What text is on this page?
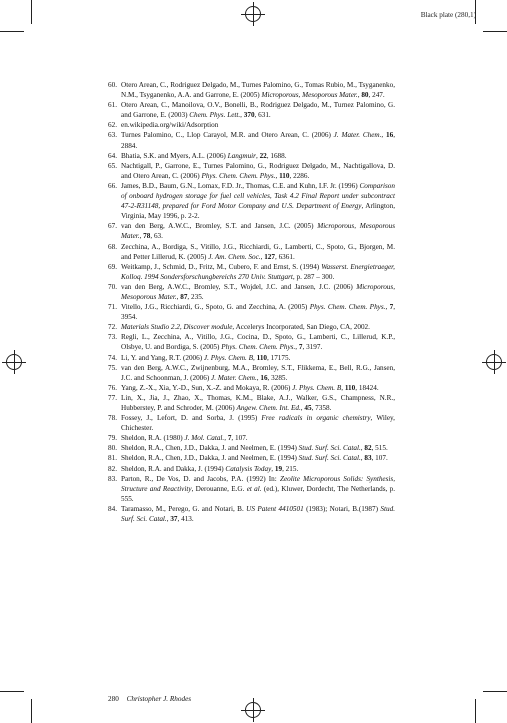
Black plate (280,1)
60. Otero Arean, C., Rodriguez Delgado, M., Turnes Palomino, G., Tomas Rubio, M., Tsyganenko, N.M., Tsyganenko, A.A. and Garrone, E. (2005) Microporous, Mesoporous Mater., 80, 247.
61. Otero Arean, C., Manoilova, O.V., Bonelli, B., Rodriguez Delgado, M., Turnez Palomino, G. and Garrone, E. (2003) Chem. Phys. Lett., 370, 631.
62. en.wikipedia.org/wiki/Adsorption
63. Turnes Palomino, C., Llop Carayol, M.R. and Otero Arean, C. (2006) J. Mater. Chem., 16, 2884.
64. Bhatia, S.K. and Myers, A.L. (2006) Langmuir, 22, 1688.
65. Nachtigall, P., Garrone, E., Turnes Palomino, G., Rodriguez Delgado, M., Nachtigallova, D. and Otero Arean, C. (2006) Phys. Chem. Chem. Phys., 110, 2286.
66. James, B.D., Baum, G.N., Lomax, F.D. Jr., Thomas, C.E. and Kuhn, I.F. Jr. (1996) Comparison of onboard hydrogen storage for fuel cell vehicles, Task 4.2 Final Report under subcontract 47-2-R31148, prepared for Ford Motor Company and U.S. Department of Energy, Arlington, Virginia, May 1996, p. 2-2.
67. van den Berg, A.W.C., Bromley, S.T. and Jansen, J.C. (2005) Microporous, Mesoporous Mater., 78, 63.
68. Zecchina, A., Bordiga, S., Vitillo, J.G., Ricchiardi, G., Lamberti, C., Spoto, G., Bjorgen, M. and Petter Lillerud, K. (2005) J. Am. Chem. Soc., 127, 6361.
69. Weitkamp, J., Schmid, D., Fritz, M., Cubero, F. and Ernst, S. (1994) Wasserst. Energietraeger, Kolloq. 1994 Sondersforschungbereichs 270 Univ. Stuttgart, p. 287 – 300.
70. van den Berg, A.W.C., Bromley, S.T., Wojdel, J.C. and Jansen, J.C. (2006) Microporous, Mesoporous Mater., 87, 235.
71. Vitello, J.G., Ricchiardi, G., Spoto, G. and Zecchina, A. (2005) Phys. Chem. Chem. Phys., 7, 3954.
72. Materials Studio 2.2, Discover module, Accelerys Incorporated, San Diego, CA, 2002.
73. Regli, L., Zecchina, A., Vitillo, J.G., Cocina, D., Spoto, G., Lamberti, C., Lillerud, K.P., Olsbye, U. and Bordiga, S. (2005) Phys. Chem. Chem. Phys., 7, 3197.
74. Li, Y. and Yang, R.T. (2006) J. Phys. Chem. B, 110, 17175.
75. van den Berg, A.W.C., Zwijnenburg, M.A., Bromley, S.T., Flikkema, E., Bell, R.G., Jansen, J.C. and Schoonman, J. (2006) J. Mater. Chem., 16, 3285.
76. Yang, Z.-X., Xia, Y.-D., Sun, X.-Z. and Mokaya, R. (2006) J. Phys. Chem. B, 110, 18424.
77. Lin, X., Jia, J., Zhao, X., Thomas, K.M., Blake, A.J., Walker, G.S., Champness, N.R., Hubberstey, P. and Schroder, M. (2006) Angew. Chem. Int. Ed., 45, 7358.
78. Fossey, J., Lefort, D. and Sorba, J. (1995) Free radicals in organic chemistry, Wiley, Chichester.
79. Sheldon, R.A. (1980) J. Mol. Catal., 7, 107.
80. Sheldon, R.A., Chen, J.D., Dakka, J. and Neelmen, E. (1994) Stud. Surf. Sci. Catal., 82, 515.
81. Sheldon, R.A., Chen, J.D., Dakka, J. and Neelmen, E. (1994) Stud. Surf. Sci. Catal., 83, 107.
82. Sheldon, R.A. and Dakka, J. (1994) Catalysis Today, 19, 215.
83. Parton, R., De Vos, D. and Jacobs, P.A. (1992) In: Zeolite Microporous Solids: Synthesis, Structure and Reactivity, Derouanne, E.G. et al. (ed.), Kluwer, Dordecht, The Netherlands, p. 555.
84. Taramasso, M., Perego, G. and Notari, B. US Patent 4410501 (1983); Notari, B.(1987) Stud. Surf. Sci. Catal., 37, 413.
280 Christopher J. Rhodes
